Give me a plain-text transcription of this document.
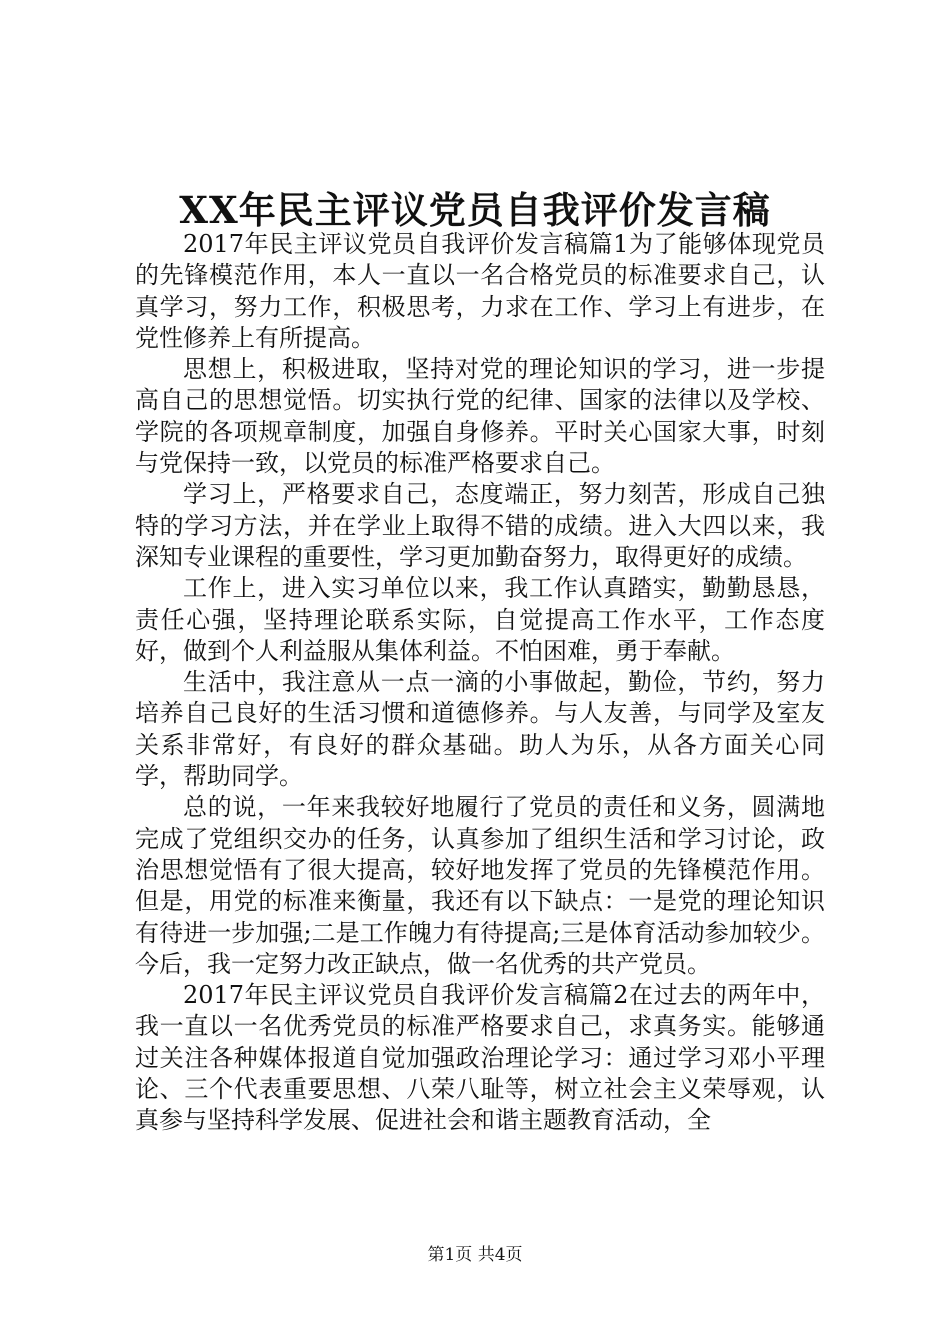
XX年民主评议党员自我评价发言稿

2017年民主评议党员自我评价发言稿篇1为了能够体现党员的先锋模范作用，本人一直以一名合格党员的标准要求自己，认真学习，努力工作，积极思考，力求在工作、学习上有进步，在党性修养上有所提高。

思想上，积极进取，坚持对党的理论知识的学习，进一步提高自己的思想觉悟。切实执行党的纪律、国家的法律以及学校、学院的各项规章制度，加强自身修养。平时关心国家大事，时刻与党保持一致，以党员的标准严格要求自己。

学习上，严格要求自己，态度端正，努力刻苦，形成自己独特的学习方法，并在学业上取得不错的成绩。进入大四以来，我深知专业课程的重要性，学习更加勤奋努力，取得更好的成绩。

工作上，进入实习单位以来，我工作认真踏实，勤勤恳恳，责任心强，坚持理论联系实际，自觉提高工作水平，工作态度好，做到个人利益服从集体利益。不怕困难，勇于奉献。

生活中，我注意从一点一滴的小事做起，勤俭，节约，努力培养自己良好的生活习惯和道德修养。与人友善，与同学及室友关系非常好，有良好的群众基础。助人为乐，从各方面关心同学，帮助同学。

总的说，一年来我较好地履行了党员的责任和义务，圆满地完成了党组织交办的任务，认真参加了组织生活和学习讨论，政治思想觉悟有了很大提高，较好地发挥了党员的先锋模范作用。但是，用党的标准来衡量，我还有以下缺点：一是党的理论知识有待进一步加强;二是工作魄力有待提高;三是体育活动参加较少。今后，我一定努力改正缺点，做一名优秀的共产党员。

2017年民主评议党员自我评价发言稿篇2在过去的两年中，我一直以一名优秀党员的标准严格要求自己，求真务实。能够通过关注各种媒体报道自觉加强政治理论学习：通过学习邓小平理论、三个代表重要思想、八荣八耻等，树立社会主义荣辱观，认真参与坚持科学发展、促进社会和谐主题教育活动，全

第1页 共4页
